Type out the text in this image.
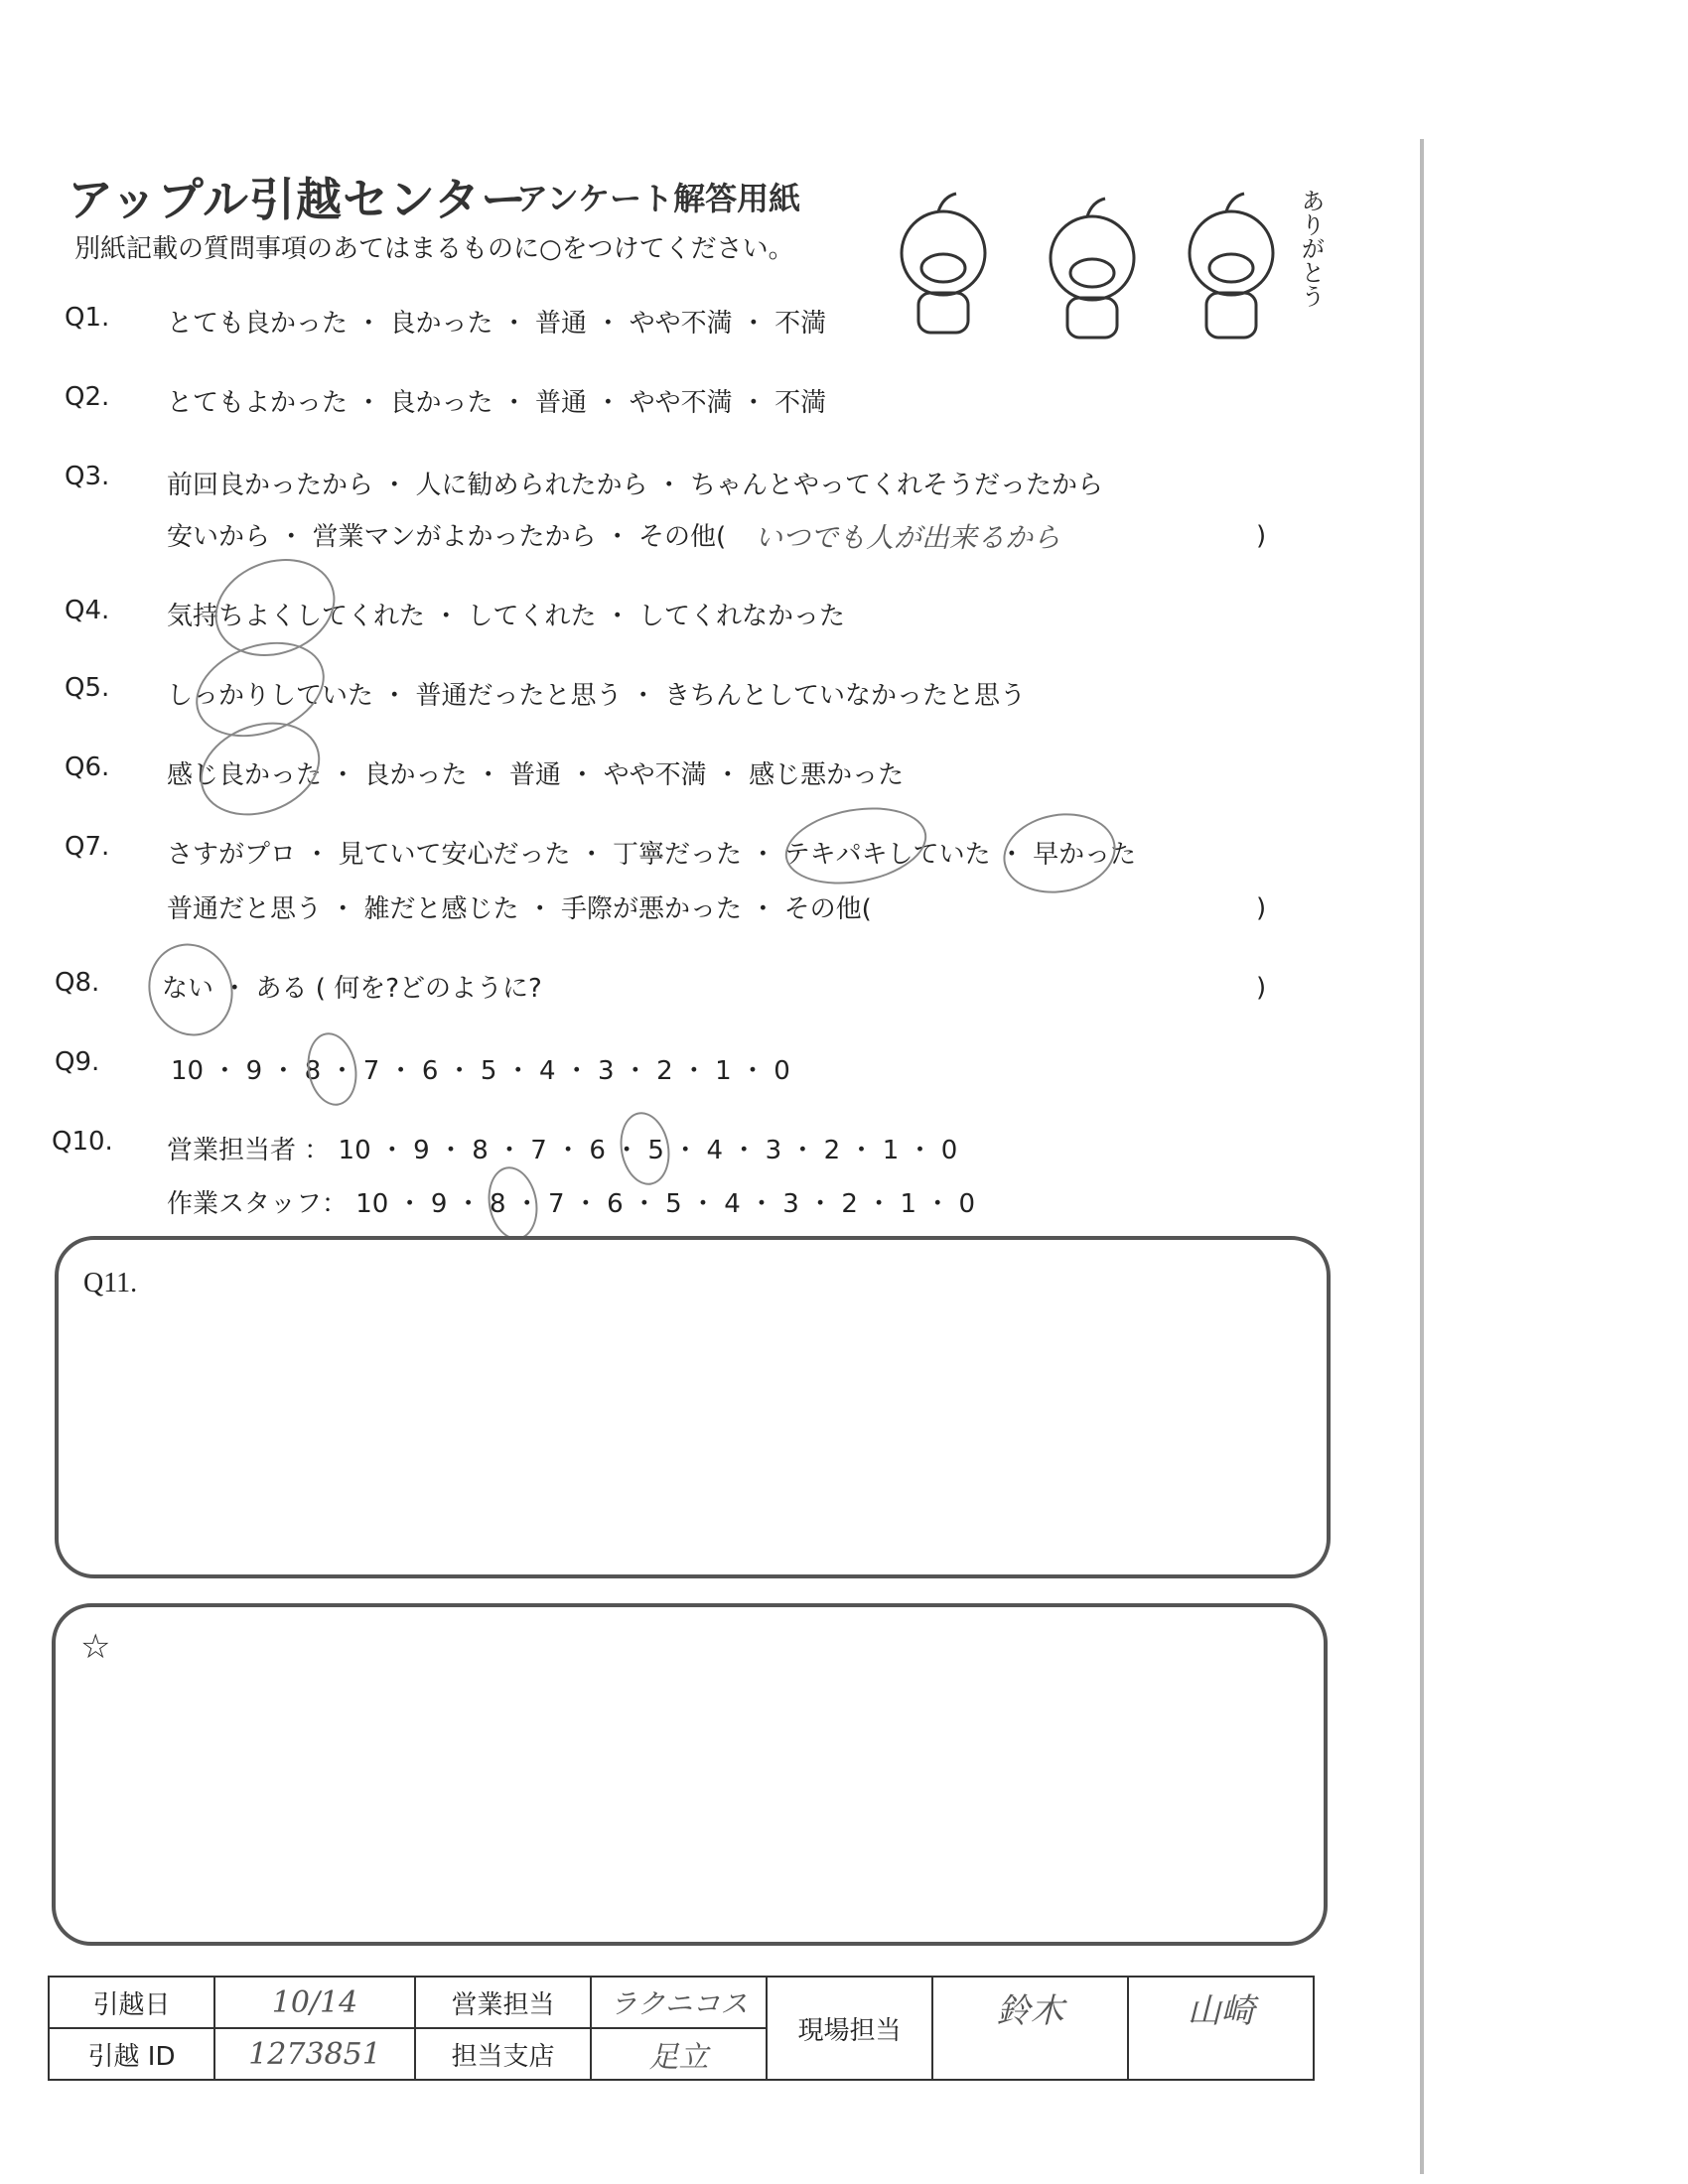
アップル引越センター
アンケート解答用紙
別紙記載の質問事項のあてはまるものに○をつけてください。	ありがとう
Q1. とても良かった ・ 良かった ・ 普通 ・ やや不満 ・ 不満
Q2. とてもよかった ・ 良かった ・ 普通 ・ やや不満 ・ 不満
Q3. 前回良かったから ・ 人に勧められたから ・ ちゃんとやってくれそうだったから
安いから ・ 営業マンがよかったから ・ その他( いつでも人が出来るから	)
Q4. 気持ちよくしてくれた ・ してくれた ・ してくれなかった
Q5. しっかりしていた ・ 普通だったと思う ・ きちんとしていなかったと思う
Q6. 感じ良かった ・ 良かった ・ 普通 ・ やや不満 ・ 感じ悪かった
Q7. さすがプロ ・ 見ていて安心だった ・ 丁寧だった ・ テキパキしていた ・ 早かった
普通だと思う ・ 雑だと感じた ・ 手際が悪かった ・ その他(	)
Q8. ない ・ ある ( 何を?どのように?	)
Q9.	10 ・ 9 ・ 8 ・ 7 ・ 6 ・ 5 ・ 4 ・ 3 ・ 2 ・ 1 ・ 0
Q10. 営業担当者 ： 10 ・ 9 ・ 8 ・ 7 ・ 6 ・ 5 ・ 4 ・ 3 ・ 2 ・ 1 ・ 0
作業スタッフ： 10 ・ 9 ・ 8 ・ 7 ・ 6 ・ 5 ・ 4 ・ 3 ・ 2 ・ 1 ・ 0
Q11.
☆
引越日	10/14	営業担当	ラクニコス	現場担当	鈴木	山崎
引越 ID	1273851	担当支店	足立			
